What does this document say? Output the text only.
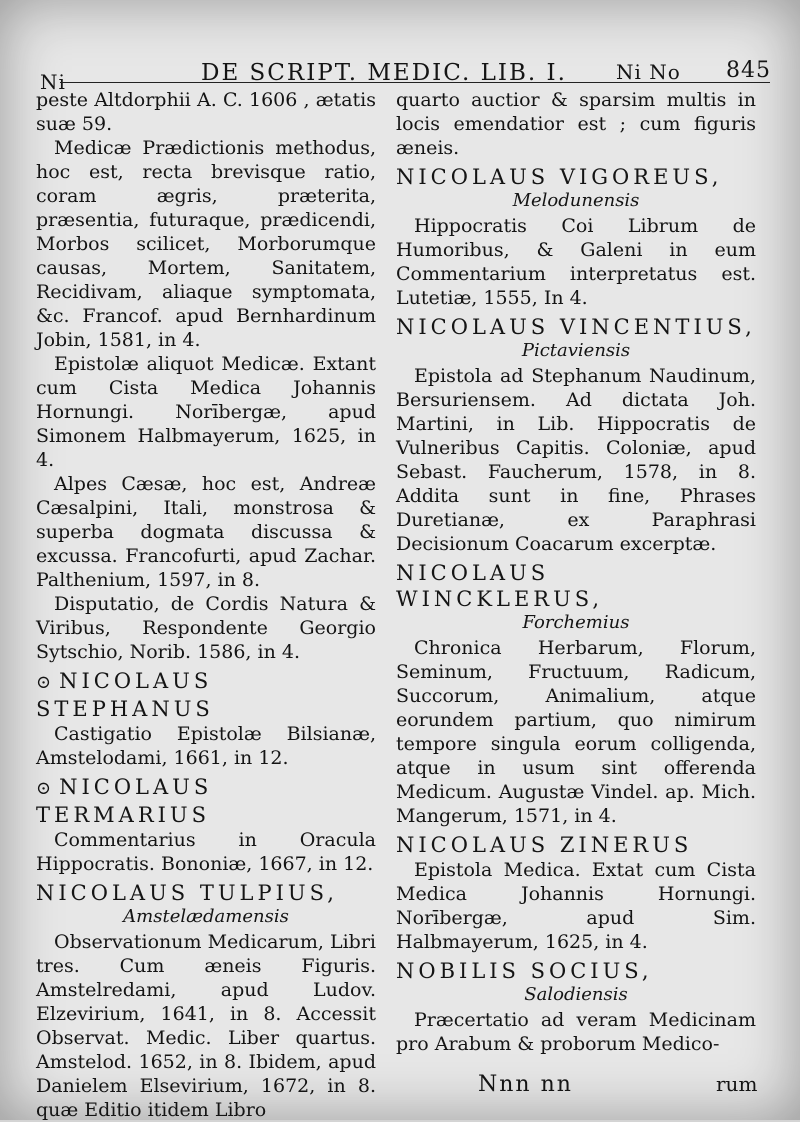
Ni	DE SCRIPT. MEDIC. LIB. I. Ni No 845

peste Altdorphii A. C. 1606 , ætatis suæ 59.

Medicæ Prædictionis methodus, hoc est, recta brevisque ratio, coram ægris, præterita, præsentia, futuraque, prædicendi, Morbos scilicet, Morborumque causas, Mortem, Sanitatem, Recidivam, aliaque symptomata, &c. Francof. apud Bernhardinum Jobin, 1581, in 4.

Epistolæ aliquot Medicæ. Extant cum Cista Medica Johannis Hornungi. Norībergæ, apud Simonem Halbmayerum, 1625, in 4.

Alpes Cæsæ, hoc est, Andreæ Cæsalpini, Itali, monstrosa & superba dogmata discussa & excussa. Francofurti, apud Zachar. Palthenium, 1597, in 8.

Disputatio, de Cordis Natura & Viribus, Respondente Georgio Sytschio, Norib. 1586, in 4.

⊙ NICOLAUS STEPHANUS

Castigatio Epistolæ Bilsianæ, Amstelodami, 1661, in 12.

⊙ NICOLAUS TERMARIUS

Commentarius in Oracula Hippocratis. Bononiæ, 1667, in 12.

NICOLAUS TULPIUS,
Amstelædamensis

Observationum Medicarum, Libri tres. Cum æneis Figuris. Amstelredami, apud Ludov. Elzevirium, 1641, in 8. Accessit Observat. Medic. Liber quartus. Amstelod. 1652, in 8. Ibidem, apud Danielem Elsevirium, 1672, in 8. quæ Editio itidem Libro

quarto auctior & sparsim multis in locis emendatior est ; cum figuris æneis.

NICOLAUS VIGOREUS,
Melodunensis

Hippocratis Coi Librum de Humoribus, & Galeni in eum Commentarium interpretatus est. Lutetiæ, 1555, In 4.

NICOLAUS VINCENTIUS,
Pictaviensis

Epistola ad Stephanum Naudinum, Bersuriensem. Ad dictata Joh. Martini, in Lib. Hippocratis de Vulneribus Capitis. Coloniæ, apud Sebast. Faucherum, 1578, in 8. Addita sunt in fine, Phrases Duretianæ, ex Paraphrasi Decisionum Coacarum excerptæ.

NICOLAUS WINCKLERUS,
Forchemius

Chronica Herbarum, Florum, Seminum, Fructuum, Radicum, Succorum, Animalium, atque eorundem partium, quo nimirum tempore singula eorum colligenda, atque in usum sint offerenda Medicum. Augustæ Vindel. ap. Mich. Mangerum, 1571, in 4.

NICOLAUS ZINERUS

Epistola Medica. Extat cum Cista Medica Johannis Hornungi. Norībergæ, apud Sim. Halbmayerum, 1625, in 4.

NOBILIS SOCIUS,
Salodiensis

Præcertatio ad veram Medicinam pro Arabum & proborum Medico-

Nnn nn	rum
